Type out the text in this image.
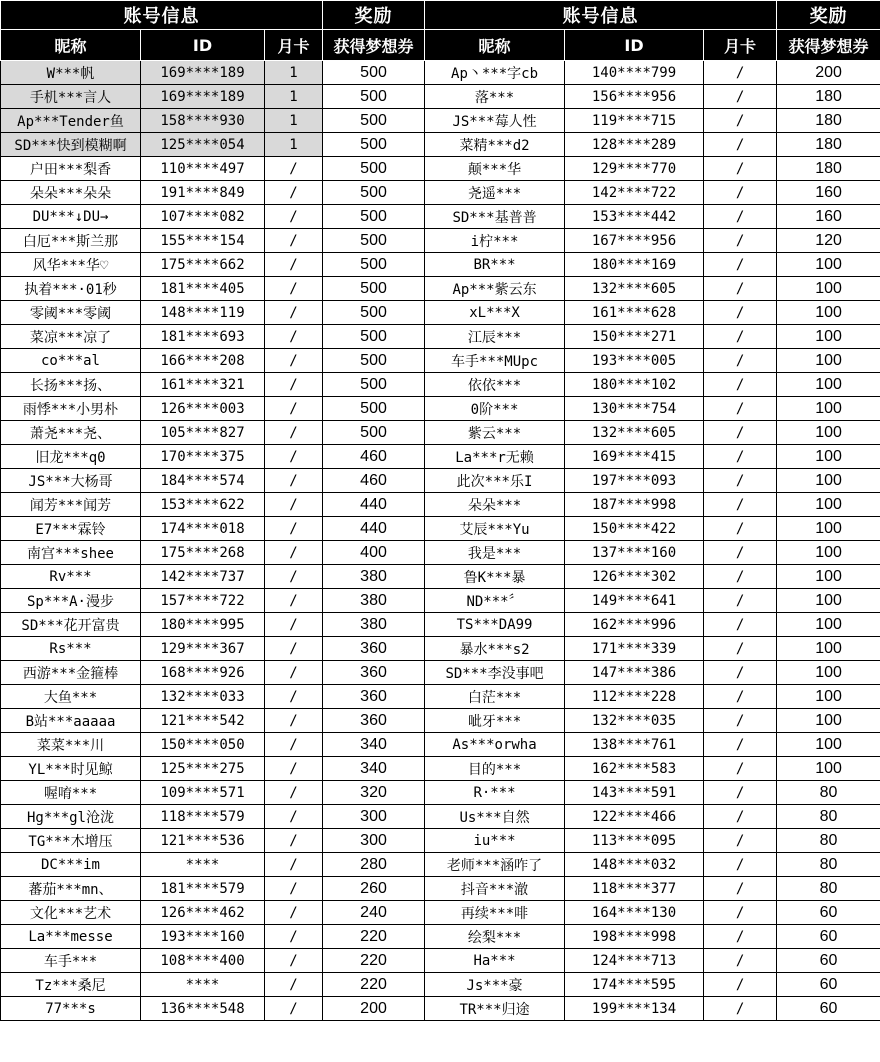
账号信息			奖励	账号信息			奖励
昵称	ID	月卡	获得梦想券	昵称	ID	月卡	获得梦想券
W***帆	169****189	1	500	Ap丶***字cb	140****799	/	200
手机***言人	169****189	1	500	落***	156****956	/	180
Ap***Tender鱼	158****930	1	500	JS***莓人性	119****715	/	180
SD***快到模糊啊	125****054	1	500	菜精***d2	128****289	/	180
户田***梨香	110****497	/	500	颠***华	129****770	/	180
朵朵***朵朵	191****849	/	500	尧遥***	142****722	/	160
DU***↓DU→	107****082	/	500	SD***基普普	153****442	/	160
白厄***斯兰那	155****154	/	500	i柠***	167****956	/	120
风华***华♡	175****662	/	500	BR***	180****169	/	100
执着***·01秒	181****405	/	500	Ap***紫云东	132****605	/	100
零阈***零阈	148****119	/	500	xL***X	161****628	/	100
菜凉***凉了	181****693	/	500	江辰***	150****271	/	100
co***al	166****208	/	500	车手***MUpc	193****005	/	100
长扬***扬、	161****321	/	500	依依***	180****102	/	100
雨悸***小男朴	126****003	/	500	0阶***	130****754	/	100
萧尧***尧、	105****827	/	500	紫云***	132****605	/	100
旧龙***q0	170****375	/	460	La***r无赖	169****415	/	100
JS***大杨哥	184****574	/	460	此次***乐I	197****093	/	100
闻芳***闻芳	153****622	/	440	朵朵***	187****998	/	100
E7***霖铃	174****018	/	440	艾辰***Yu	150****422	/	100
南宫***shee	175****268	/	400	我是***	137****160	/	100
Rv***	142****737	/	380	鲁K***暴	126****302	/	100
Sp***A·漫步	157****722	/	380	ND***〞	149****641	/	100
SD***花开富贵	180****995	/	380	TS***DA99	162****996	/	100
Rs***	129****367	/	360	暴水***s2	171****339	/	100
西游***金箍棒	168****926	/	360	SD***李没事吧	147****386	/	100
大鱼***	132****033	/	360	白茫***	112****228	/	100
B站***aaaaa	121****542	/	360	呲牙***	132****035	/	100
菜菜***川	150****050	/	340	As***orwha	138****761	/	100
YL***时见鲸	125****275	/	340	目的***	162****583	/	100
喔唷***	109****571	/	320	R·***	143****591	/	80
Hg***gl沧泷	118****579	/	300	Us***自然	122****466	/	80
TG***木增压	121****536	/	300	iu***	113****095	/	80
DC***im	****	/	280	老师***涵咋了	148****032	/	80
蕃茄***mn、	181****579	/	260	抖音***澈	118****377	/	80
文化***艺术	126****462	/	240	再续***啡	164****130	/	60
La***messe	193****160	/	220	绘梨***	198****998	/	60
车手***	108****400	/	220	Ha***	124****713	/	60
Tz***桑尼	****	/	220	Js***豪	174****595	/	60
77***s	136****548	/	200	TR***归途	199****134	/	60
